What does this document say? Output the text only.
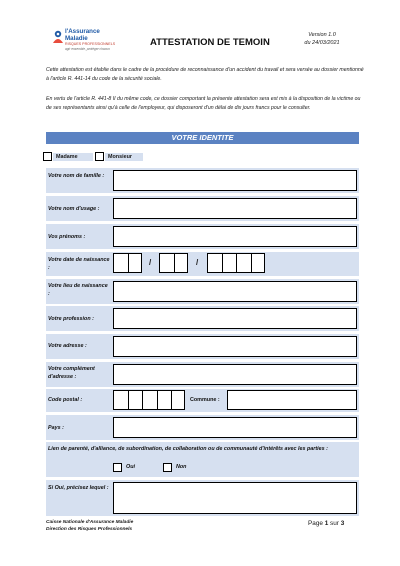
l'Assurance
Maladie
RISQUES PROFESSIONNELS
agir ensemble, protéger chacun
ATTESTATION DE TEMOIN
Version 1.0
du 24/03/2021
Cette attestation est établie dans le cadre de la procédure de reconnaissance d'un accident du travail et sera versée au dossier mentionné à l'article R. 441-14 du code de la sécurité sociale.
En vertu de l'article R. 441-8 II du même code, ce dossier comportant la présente attestation sera est mis à la disposition de la victime ou de ses représentants ainsi qu'à celle de l'employeur, qui disposeront d'un délai de dix jours francs pour le consulter.
VOTRE IDENTITE
Madame	Monsieur
Votre nom de famille :
Votre nom d'usage :
Vos prénoms :
Votre date de naissance :
/	/
Votre lieu de naissance :
Votre profession :
Votre adresse :
Votre complément d'adresse :
Code postal :	Commune :
Pays :
Lien de parenté, d'alliance, de subordination, de collaboration ou de communauté d'intérêts avec les parties :
Oui	Non
Si Oui, précisez lequel :
Caisse Nationale d'Assurance Maladie
Direction des Risques Professionnels
Page 1 sur 3
